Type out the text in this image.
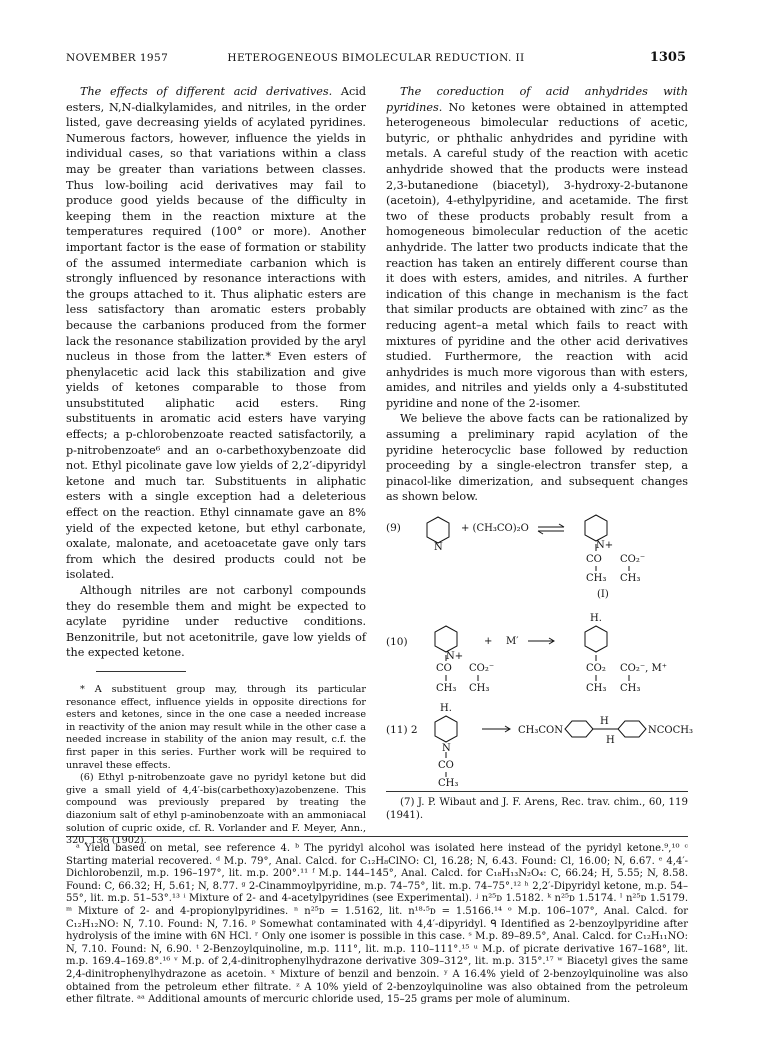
NOVEMBER 1957	HETEROGENEOUS BIMOLECULAR REDUCTION. II	1305

The effects of different acid derivatives. Acid esters, N,N-dialkylamides, and nitriles, in the order listed, gave decreasing yields of acylated pyridines. Numerous factors, however, influence the yields in individual cases, so that variations within a class may be greater than variations between classes. Thus low-boiling acid derivatives may fail to produce good yields because of the difficulty in keeping them in the reaction mixture at the temperatures required (100° or more). Another important factor is the ease of formation or stability of the assumed intermediate carbanion which is strongly influenced by resonance interactions with the groups attached to it. Thus aliphatic esters are less satisfactory than aromatic esters probably because the carbanions produced from the former lack the resonance stabilization provided by the aryl nucleus in those from the latter.* Even esters of phenylacetic acid lack this stabilization and give yields of ketones comparable to those from unsubstituted aliphatic acid esters. Ring substituents in aromatic acid esters have varying effects; a p-chlorobenzoate reacted satisfactorily, a p-nitrobenzoate⁶ and an o-carbethoxybenzoate did not. Ethyl picolinate gave low yields of 2,2′-dipyridyl ketone and much tar. Substituents in aliphatic esters with a single exception had a deleterious effect on the reaction. Ethyl cinnamate gave an 8% yield of the expected ketone, but ethyl carbonate, oxalate, malonate, and acetoacetate gave only tars from which the desired products could not be isolated.

Although nitriles are not carbonyl compounds they do resemble them and might be expected to acylate pyridine under reductive conditions. Benzonitrile, but not acetonitrile, gave low yields of the expected ketone.

* A substituent group may, through its particular resonance effect, influence yields in opposite directions for esters and ketones, since in the one case a needed increase in reactivity of the anion may result while in the other case a needed increase in stability of the anion may result, c.f. the first paper in this series. Further work will be required to unravel these effects.

(6) Ethyl p-nitrobenzoate gave no pyridyl ketone but did give a small yield of 4,4′-bis(carbethoxy)azobenzene. This compound was previously prepared by treating the diazonium salt of ethyl p-aminobenzoate with an ammoniacal solution of cupric oxide, cf. R. Vorlander and F. Meyer, Ann., 320, 136 (1902).

The coreduction of acid anhydrides with pyridines. No ketones were obtained in attempted heterogeneous bimolecular reductions of acetic, butyric, or phthalic anhydrides and pyridine with metals. A careful study of the reaction with acetic anhydride showed that the products were instead 2,3-butanedione (biacetyl), 3-hydroxy-2-butanone (acetoin), 4-ethylpyridine, and acetamide. The first two of these products probably result from a homogeneous bimolecular reduction of the acetic anhydride. The latter two products indicate that the reaction has taken an entirely different course than it does with esters, amides, and nitriles. A further indication of this change in mechanism is the fact that similar products are obtained with zinc⁷ as the reducing agent–a metal which fails to react with mixtures of pyridine and the other acid derivatives studied. Furthermore, the reaction with acid anhydrides is much more vigorous than with esters, amides, and nitriles and yields only a 4-substituted pyridine and none of the 2-isomer.

We believe the above facts can be rationalized by assuming a preliminary rapid acylation of the pyridine heterocyclic base followed by reduction proceeding by a single-electron transfer step, a pinacol-like dimerization, and subsequent changes as shown below.

(9)
N
+ (CH₃CO)₂O
N+
CO CO₂⁻
CH₃ CH₃
(I)
(10)
N+
CO CO₂⁻
CH₃ CH₃
+ M′
H.
CO₂ CO₂⁻, M⁺
CH₃ CH₃
(11) 2
H.
N
CO
CH₃
CH₃CON
H
H
NCOCH₃

(7) J. P. Wibaut and J. F. Arens, Rec. trav. chim., 60, 119 (1941).

ᵃ Yield based on metal, see reference 4. ᵇ The pyridyl alcohol was isolated here instead of the pyridyl ketone.⁹,¹⁰ ᶜ Starting material recovered. ᵈ M.p. 79°, Anal. Calcd. for C₁₂H₈ClNO: Cl, 16.28; N, 6.43. Found: Cl, 16.00; N, 6.67. ᵉ 4,4′-Dichlorobenzil, m.p. 196–197°, lit. m.p. 200°.¹¹ ᶠ M.p. 144–145°, Anal. Calcd. for C₁₈H₁₃N₂O₄: C, 66.24; H, 5.55; N, 8.58. Found: C, 66.32; H, 5.61; N, 8.77. ᵍ 2-Cinammoylpyridine, m.p. 74–75°, lit. m.p. 74–75°.¹² ʰ 2,2′-Dipyridyl ketone, m.p. 54–55°, lit. m.p. 51–53°.¹³ ⁱ Mixture of 2- and 4-acetylpyridines (see Experimental). ʲ n²⁵ᴅ 1.5182. ᵏ n²⁵ᴅ 1.5174. ˡ n²⁵ᴅ 1.5179. ᵐ Mixture of 2- and 4-propionylpyridines. ⁿ n²⁵ᴅ = 1.5162, lit. n¹⁸·⁵ᴅ = 1.5166.¹⁴ ᵒ M.p. 106–107°, Anal. Calcd. for C₁₂H₁₂NO: N, 7.10. Found: N, 7.16. ᵖ Somewhat contaminated with 4,4′-dipyridyl. ᑫ Identified as 2-benzoylpyridine after hydrolysis of the imine with 6N HCl. ʳ Only one isomer is possible in this case. ˢ M.p. 89–89.5°, Anal. Calcd. for C₁₂H₁₁NO: N, 7.10. Found: N, 6.90. ᵗ 2-Benzoylquinoline, m.p. 111°, lit. m.p. 110–111°.¹⁵ ᵘ M.p. of picrate derivative 167–168°, lit. m.p. 169.4–169.8°.¹⁶ ᵛ M.p. of 2,4-dinitrophenylhydrazone derivative 309–312°, lit. m.p. 315°.¹⁷ ʷ Biacetyl gives the same 2,4-dinitrophenylhydrazone as acetoin. ˣ Mixture of benzil and benzoin. ʸ A 16.4% yield of 2-benzoylquinoline was also obtained from the petroleum ether filtrate. ᶻ A 10% yield of 2-benzoylquinoline was also obtained from the petroleum ether filtrate. ᵃᵃ Additional amounts of mercuric chloride used, 15–25 grams per mole of aluminum.
